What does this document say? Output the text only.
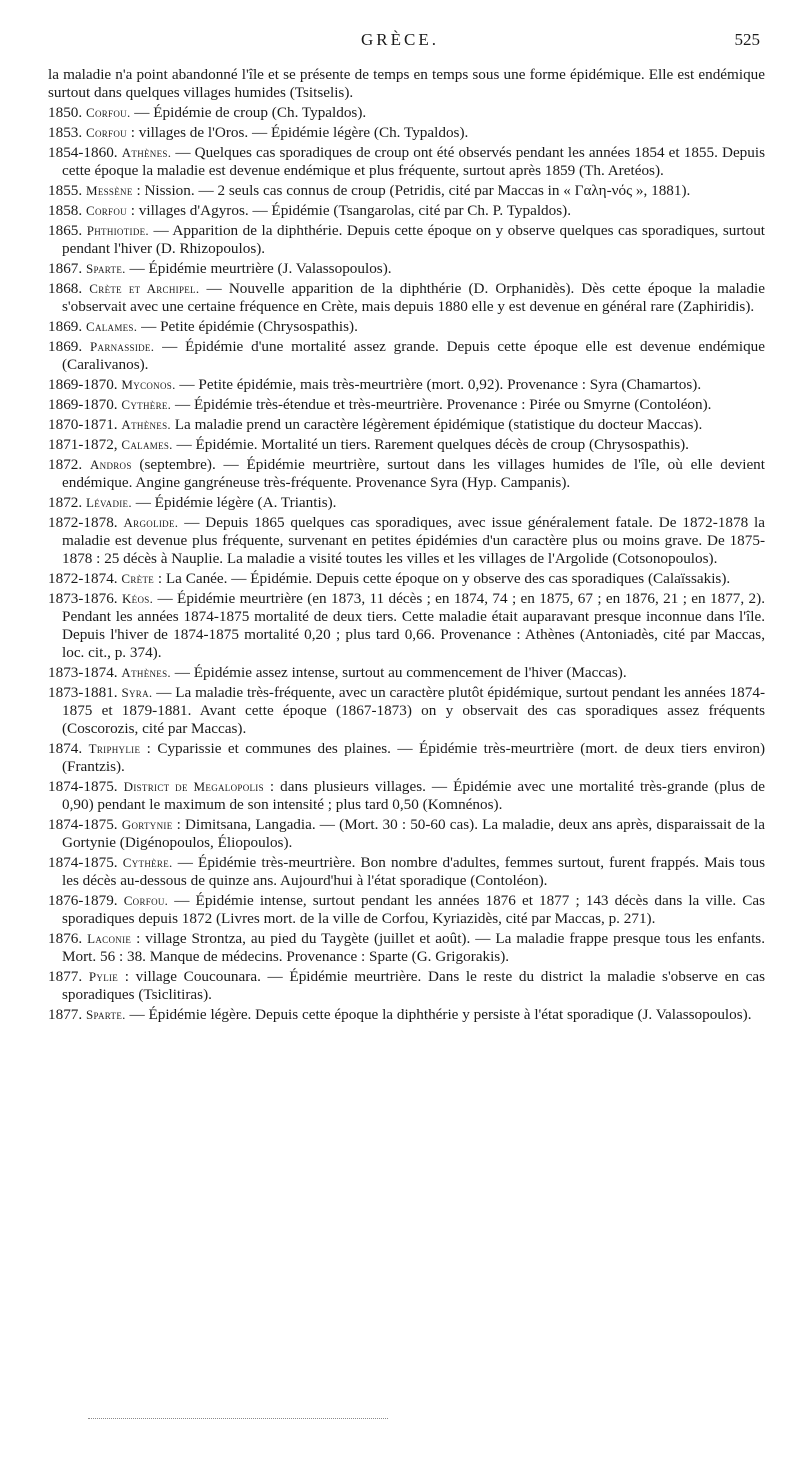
GRÈCE.	525

la maladie n'a point abandonné l'île et se présente de temps en temps sous une forme épidémique. Elle est endémique surtout dans quelques villages humides (Tsitselis).

1850. Corfou. — Épidémie de croup (Ch. Typaldos).

1853. Corfou : villages de l'Oros. — Épidémie légère (Ch. Typaldos).

1854-1860. Athènes. — Quelques cas sporadiques de croup ont été observés pendant les années 1854 et 1855. Depuis cette époque la maladie est devenue endémique et plus fréquente, surtout après 1859 (Th. Aretéos).

1855. Messène : Nission. — 2 seuls cas connus de croup (Petridis, cité par Maccas in « Γαλη-νός », 1881).

1858. Corfou : villages d'Agyros. — Épidémie (Tsangarolas, cité par Ch. P. Typaldos).

1865. Phthiotide. — Apparition de la diphthérie. Depuis cette époque on y observe quelques cas sporadiques, surtout pendant l'hiver (D. Rhizopoulos).

1867. Sparte. — Épidémie meurtrière (J. Valassopoulos).

1868. Crète et Archipel. — Nouvelle apparition de la diphthérie (D. Orphanidès). Dès cette époque la maladie s'observait avec une certaine fréquence en Crète, mais depuis 1880 elle y est devenue en général rare (Zaphiridis).

1869. Calames. — Petite épidémie (Chrysospathis).

1869. Parnasside. — Épidémie d'une mortalité assez grande. Depuis cette époque elle est devenue endémique (Caralivanos).

1869-1870. Myconos. — Petite épidémie, mais très-meurtrière (mort. 0,92). Provenance : Syra (Chamartos).

1869-1870. Cythère. — Épidémie très-étendue et très-meurtrière. Provenance : Pirée ou Smyrne (Contoléon).

1870-1871. Athènes. La maladie prend un caractère légèrement épidémique (statistique du docteur Maccas).

1871-1872, Calames. — Épidémie. Mortalité un tiers. Rarement quelques décès de croup (Chrysospathis).

1872. Andros (septembre). — Épidémie meurtrière, surtout dans les villages humides de l'île, où elle devient endémique. Angine gangréneuse très-fréquente. Provenance Syra (Hyp. Campanis).

1872. Lévadie. — Épidémie légère (A. Triantis).

1872-1878. Argolide. — Depuis 1865 quelques cas sporadiques, avec issue généralement fatale. De 1872-1878 la maladie est devenue plus fréquente, survenant en petites épidémies d'un caractère plus ou moins grave. De 1875-1878 : 25 décès à Nauplie. La maladie a visité toutes les villes et les villages de l'Argolide (Cotsonopoulos).

1872-1874. Crète : La Canée. — Épidémie. Depuis cette époque on y observe des cas sporadiques (Calaïssakis).

1873-1876. Kéos. — Épidémie meurtrière (en 1873, 11 décès ; en 1874, 74 ; en 1875, 67 ; en 1876, 21 ; en 1877, 2). Pendant les années 1874-1875 mortalité de deux tiers. Cette maladie était auparavant presque inconnue dans l'île. Depuis l'hiver de 1874-1875 mortalité 0,20 ; plus tard 0,66. Provenance : Athènes (Antoniadès, cité par Maccas, loc. cit., p. 374).

1873-1874. Athènes. — Épidémie assez intense, surtout au commencement de l'hiver (Maccas).

1873-1881. Syra. — La maladie très-fréquente, avec un caractère plutôt épidémique, surtout pendant les années 1874-1875 et 1879-1881. Avant cette époque (1867-1873) on y observait des cas sporadiques assez fréquents (Coscorozis, cité par Maccas).

1874. Triphylie : Cyparissie et communes des plaines. — Épidémie très-meurtrière (mort. de deux tiers environ) (Frantzis).

1874-1875. District de Megalopolis : dans plusieurs villages. — Épidémie avec une mortalité très-grande (plus de 0,90) pendant le maximum de son intensité ; plus tard 0,50 (Komnénos).

1874-1875. Gortynie : Dimitsana, Langadia. — (Mort. 30 : 50-60 cas). La maladie, deux ans après, disparaissait de la Gortynie (Digénopoulos, Éliopoulos).

1874-1875. Cythère. — Épidémie très-meurtrière. Bon nombre d'adultes, femmes surtout, furent frappés. Mais tous les décès au-dessous de quinze ans. Aujourd'hui à l'état sporadique (Contoléon).

1876-1879. Corfou. — Épidémie intense, surtout pendant les années 1876 et 1877 ; 143 décès dans la ville. Cas sporadiques depuis 1872 (Livres mort. de la ville de Corfou, Kyriazidès, cité par Maccas, p. 271).

1876. Laconie : village Strontza, au pied du Taygète (juillet et août). — La maladie frappe presque tous les enfants. Mort. 56 : 38. Manque de médecins. Provenance : Sparte (G. Grigorakis).

1877. Pylie : village Coucounara. — Épidémie meurtrière. Dans le reste du district la maladie s'observe en cas sporadiques (Tsiclitiras).

1877. Sparte. — Épidémie légère. Depuis cette époque la diphthérie y persiste à l'état sporadique (J. Valassopoulos).
